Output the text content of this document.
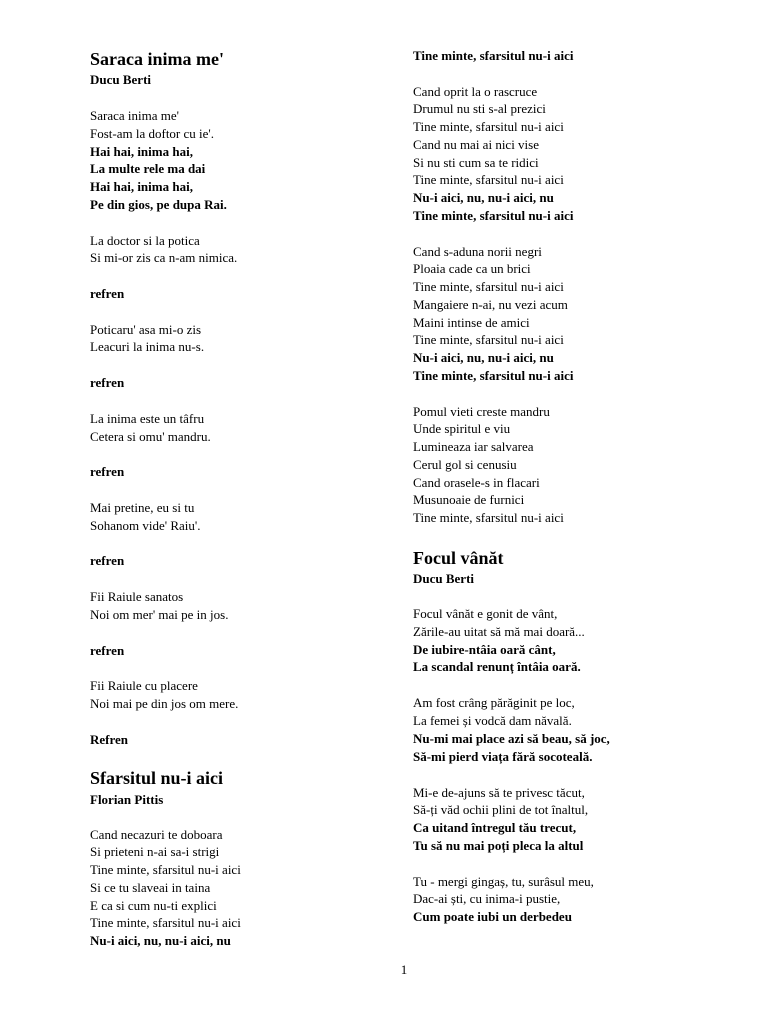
Saraca inima me'
Ducu Berti
Saraca inima me'
Fost-am la doftor cu ie'.
Hai hai, inima hai,
La multe rele ma dai
Hai hai, inima hai,
Pe din gios, pe dupa Rai.
La doctor si la potica
Si mi-or zis ca n-am nimica.
refren
Poticaru' asa mi-o zis
Leacuri la inima nu-s.
refren
La inima este un tâfru
Cetera si omu' mandru.
refren
Mai pretine, eu si tu
Sohanom vide' Raiu'.
refren
Fii Raiule sanatos
Noi om mer' mai pe in jos.
refren
Fii Raiule cu placere
Noi mai pe din jos om mere.
Refren
Sfarsitul nu-i aici
Florian Pittis
Cand necazuri te doboara
Si prieteni n-ai sa-i strigi
Tine minte, sfarsitul nu-i aici
Si ce tu slaveai in taina
E ca si cum nu-ti explici
Tine minte, sfarsitul nu-i aici
Nu-i aici, nu, nu-i aici, nu
Tine minte, sfarsitul nu-i aici
Cand oprit la o rascruce
Drumul nu sti s-al prezici
Tine minte, sfarsitul nu-i aici
Cand nu mai ai nici vise
Si nu sti cum sa te ridici
Tine minte, sfarsitul nu-i aici
Nu-i aici, nu, nu-i aici, nu
Tine minte, sfarsitul nu-i aici
Cand s-aduna norii negri
Ploaia cade ca un brici
Tine minte, sfarsitul nu-i aici
Mangaiere n-ai, nu vezi acum
Maini intinse de amici
Tine minte, sfarsitul nu-i aici
Nu-i aici, nu, nu-i aici, nu
Tine minte, sfarsitul nu-i aici
Pomul vieti creste mandru
Unde spiritul e viu
Lumineaza iar salvarea
Cerul gol si cenusiu
Cand orasele-s in flacari
Musunoaie de furnici
Tine minte, sfarsitul nu-i aici
Focul vânăt
Ducu Berti
Focul vânăt e gonit de vânt,
Zările-au uitat să mă mai doară...
De iubire-ntâia oară cânt,
La scandal renunț întâia oară.
Am fost crâng părăginit pe loc,
La femei și vodcă dam năvală.
Nu-mi mai place azi să beau, să joc,
Să-mi pierd viața fără socoteală.
Mi-e de-ajuns să te privesc tăcut,
Să-ți văd ochii plini de tot înaltul,
Ca uitand întregul tău trecut,
Tu să nu mai poți pleca la altul
Tu - mergi gingaș, tu, surâsul meu,
Dac-ai ști, cu inima-i pustie,
Cum poate iubi un derbedeu
1
